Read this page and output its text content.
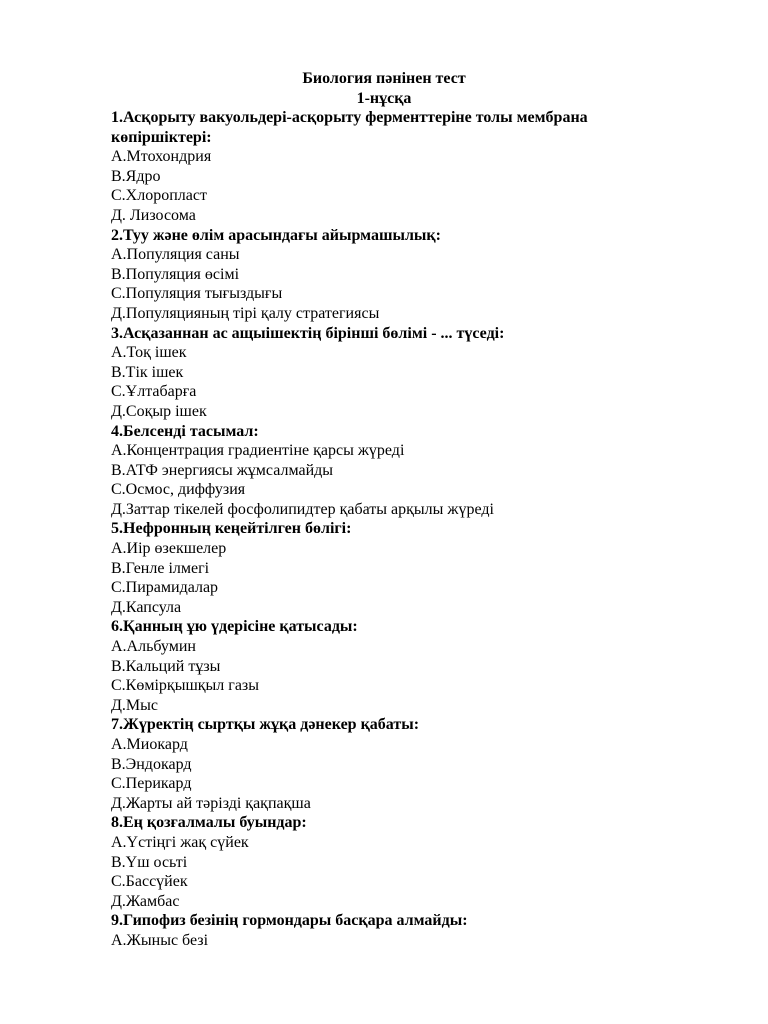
Биология пәнінен тест
1-нұсқа
1.Асқорыту вакуольдері-асқорыту ферменттеріне толы мембрана көпіршіктері:
А.Мтохондрия
В.Ядро
С.Хлоропласт
Д. Лизосома
2.Туу және өлім арасындағы айырмашылық:
А.Популяция саны
В.Популяция өсімі
С.Популяция тығыздығы
Д.Популяцияның тірі қалу стратегиясы
3.Асқазаннан ас ащыішектің бірінші бөлімі - ... түседі:
А.Тоқ ішек
В.Тік ішек
С.Ұлтабарға
Д.Соқыр ішек
4.Белсенді тасымал:
А.Концентрация градиентіне қарсы жүреді
В.АТФ энергиясы жұмсалмайды
С.Осмос, диффузия
Д.Заттар тікелей фосфолипидтер қабаты арқылы жүреді
5.Нефронның кеңейтілген бөлігі:
А.Иір өзекшелер
В.Генле ілмегі
С.Пирамидалар
Д.Капсула
6.Қанның ұю үдерісіне қатысады:
А.Альбумин
В.Кальций тұзы
С.Көмірқышқыл газы
Д.Мыс
7.Жүректің сыртқы жұқа дәнекер қабаты:
А.Миокард
В.Эндокард
С.Перикард
Д.Жарты ай тәрізді қақпақша
8.Ең қозғалмалы буындар:
А.Үстіңгі жақ сүйек
В.Үш осьті
С.Бассүйек
Д.Жамбас
9.Гипофиз безінің гормондары басқара алмайды:
А.Жыныс безі
